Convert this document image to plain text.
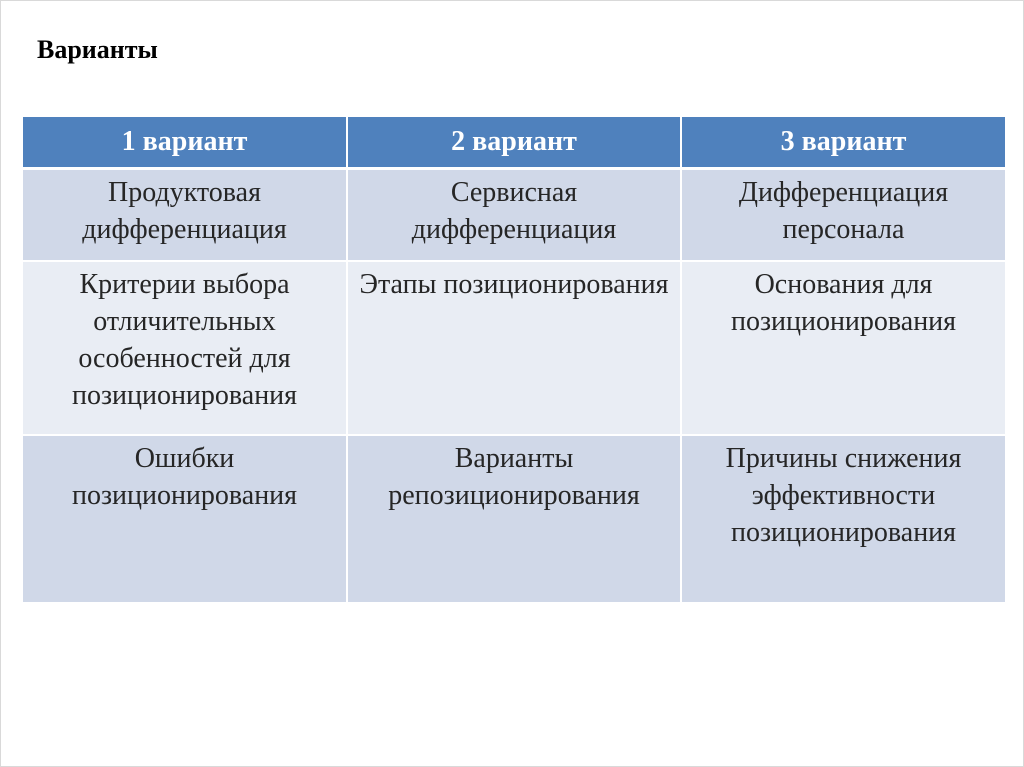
Варианты
1 вариант	2 вариант	3 вариант

Продуктовая дифференциация	Сервисная дифференциация	Дифференциация персонала

Критерии выбора отличительных особенностей для позиционирования	Этапы позиционирования	Основания для позиционирования

Ошибки позиционирования	Варианты репозиционирования	Причины снижения эффективности позиционирования
